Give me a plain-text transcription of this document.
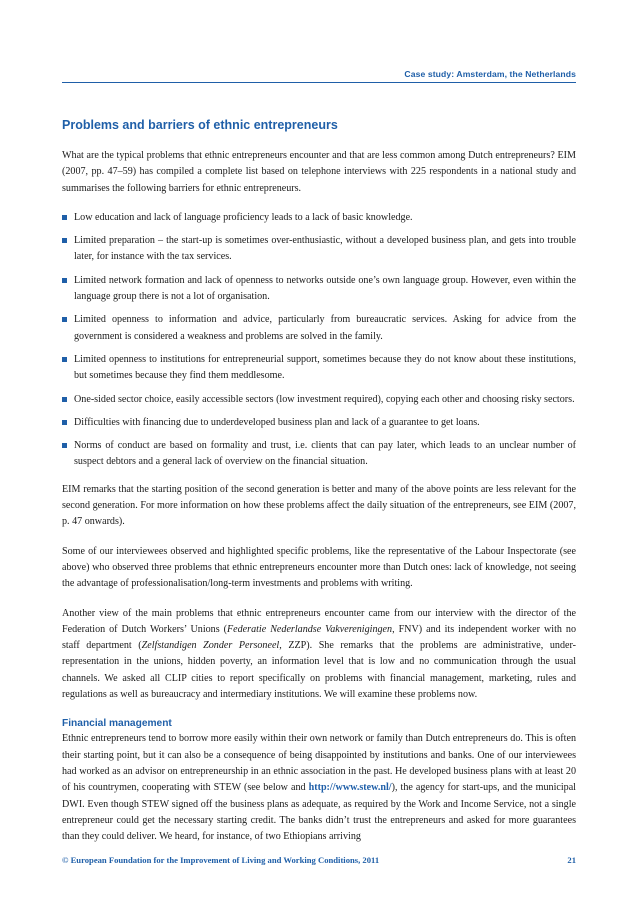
Case study: Amsterdam, the Netherlands
Problems and barriers of ethnic entrepreneurs

What are the typical problems that ethnic entrepreneurs encounter and that are less common among Dutch entrepreneurs? EIM (2007, pp. 47–59) has compiled a complete list based on telephone interviews with 225 respondents in a national study and summarises the following barriers for ethnic entrepreneurs.

Low education and lack of language proficiency leads to a lack of basic knowledge.
Limited preparation – the start-up is sometimes over-enthusiastic, without a developed business plan, and gets into trouble later, for instance with the tax services.
Limited network formation and lack of openness to networks outside one’s own language group. However, even within the language group there is not a lot of organisation.
Limited openness to information and advice, particularly from bureaucratic services. Asking for advice from the government is considered a weakness and problems are solved in the family.
Limited openness to institutions for entrepreneurial support, sometimes because they do not know about these institutions, but sometimes because they find them meddlesome.
One-sided sector choice, easily accessible sectors (low investment required), copying each other and choosing risky sectors.
Difficulties with financing due to underdeveloped business plan and lack of a guarantee to get loans.
Norms of conduct are based on formality and trust, i.e. clients that can pay later, which leads to an unclear number of suspect debtors and a general lack of overview on the financial situation.

EIM remarks that the starting position of the second generation is better and many of the above points are less relevant for the second generation. For more information on how these problems affect the daily situation of the entrepreneurs, see EIM (2007, p. 47 onwards).

Some of our interviewees observed and highlighted specific problems, like the representative of the Labour Inspectorate (see above) who observed three problems that ethnic entrepreneurs encounter more than Dutch ones: lack of knowledge, not seeing the advantage of professionalisation/long-term investments and problems with writing.

Another view of the main problems that ethnic entrepreneurs encounter came from our interview with the director of the Federation of Dutch Workers’ Unions (Federatie Nederlandse Vakverenigingen, FNV) and its independent worker with no staff department (Zelfstandigen Zonder Personeel, ZZP). She remarks that the problems are administrative, under-representation in the unions, hidden poverty, an information level that is low and no communication through the usual channels. We asked all CLIP cities to report specifically on problems with financial management, marketing, rules and regulations as well as bureaucracy and intermediary institutions. We will examine these problems now.

Financial management

Ethnic entrepreneurs tend to borrow more easily within their own network or family than Dutch entrepreneurs do. This is often their starting point, but it can also be a consequence of being disappointed by institutions and banks. One of our interviewees had worked as an advisor on entrepreneurship in an ethnic association in the past. He developed business plans with at least 20 of his countrymen, cooperating with STEW (see below and http://www.stew.nl/), the agency for start-ups, and the municipal DWI. Even though STEW signed off the business plans as adequate, as required by the Work and Income Service, not a single entrepreneur could get the necessary starting credit. The banks didn’t trust the entrepreneurs and asked for more guarantees than they could deliver. We heard, for instance, of two Ethiopians arriving

© European Foundation for the Improvement of Living and Working Conditions, 2011	21
